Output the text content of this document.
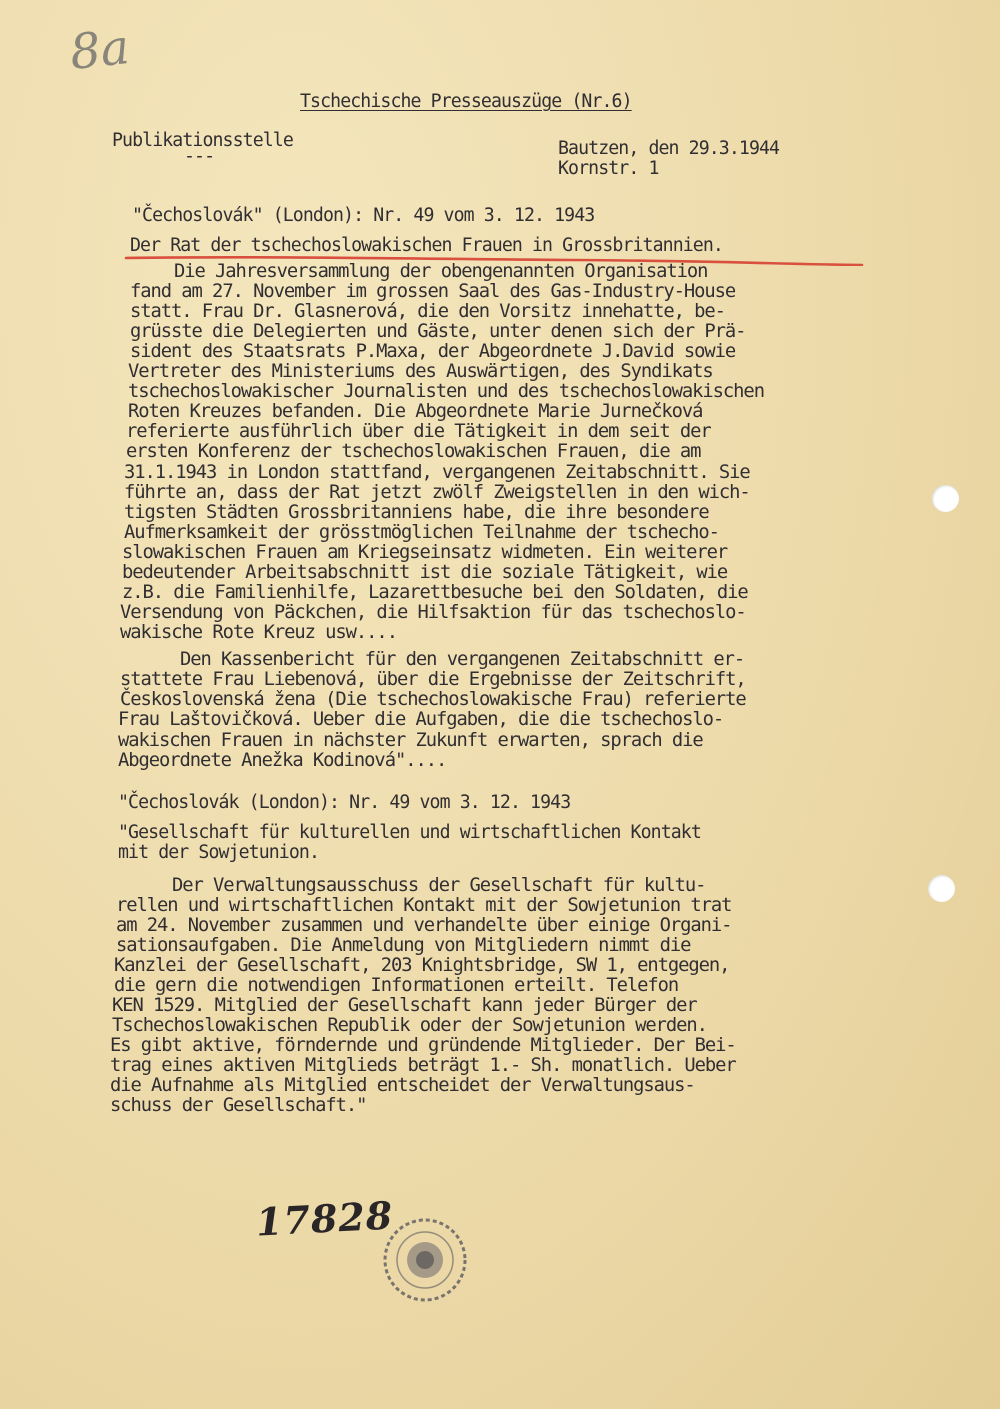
8a
Tschechische Presseauszüge (Nr.6)
Publikationsstelle
---	Bautzen, den 29.3.1944
Kornstr. 1
"Čechoslovák" (London): Nr. 49 vom 3. 12. 1943
Der Rat der tschechoslowakischen Frauen in Grossbritannien.
Die Jahresversammlung der obengenannten Organisation
fand am 27. November im grossen Saal des Gas-Industry-House
statt. Frau Dr. Glasnerová, die den Vorsitz innehatte, be-
grüsste die Delegierten und Gäste, unter denen sich der Prä-
sident des Staatsrats P.Maxa, der Abgeordnete J.David sowie
Vertreter des Ministeriums des Auswärtigen, des Syndikats
tschechoslowakischer Journalisten und des tschechoslowakischen
Roten Kreuzes befanden. Die Abgeordnete Marie Jurnečková
referierte ausführlich über die Tätigkeit in dem seit der
ersten Konferenz der tschechoslowakischen Frauen, die am
31.1.1943 in London stattfand, vergangenen Zeitabschnitt. Sie
führte an, dass der Rat jetzt zwölf Zweigstellen in den wich-
tigsten Städten Grossbritanniens habe, die ihre besondere
Aufmerksamkeit der grösstmöglichen Teilnahme der tschecho-
slowakischen Frauen am Kriegseinsatz widmeten. Ein weiterer
bedeutender Arbeitsabschnitt ist die soziale Tätigkeit, wie
z.B. die Familienhilfe, Lazarettbesuche bei den Soldaten, die
Versendung von Päckchen, die Hilfsaktion für das tschechoslo-
wakische Rote Kreuz usw....
Den Kassenbericht für den vergangenen Zeitabschnitt er-
stattete Frau Liebenová, über die Ergebnisse der Zeitschrift,
Československá žena (Die tschechoslowakische Frau) referierte
Frau Laštovičková. Ueber die Aufgaben, die die tschechoslo-
wakischen Frauen in nächster Zukunft erwarten, sprach die
Abgeordnete Anežka Kodinová"....
"Čechoslovák (London): Nr. 49 vom 3. 12. 1943
"Gesellschaft für kulturellen und wirtschaftlichen Kontakt
mit der Sowjetunion.
Der Verwaltungsausschuss der Gesellschaft für kultu-
rellen und wirtschaftlichen Kontakt mit der Sowjetunion trat
am 24. November zusammen und verhandelte über einige Organi-
sationsaufgaben. Die Anmeldung von Mitgliedern nimmt die
Kanzlei der Gesellschaft, 203 Knightsbridge, SW 1, entgegen,
die gern die notwendigen Informationen erteilt. Telefon
KEN 1529. Mitglied der Gesellschaft kann jeder Bürger der
Tschechoslowakischen Republik oder der Sowjetunion werden.
Es gibt aktive, förndernde und gründende Mitglieder. Der Bei-
trag eines aktiven Mitglieds beträgt 1.- Sh. monatlich. Ueber
die Aufnahme als Mitglied entscheidet der Verwaltungsaus-
schuss der Gesellschaft."
17828
